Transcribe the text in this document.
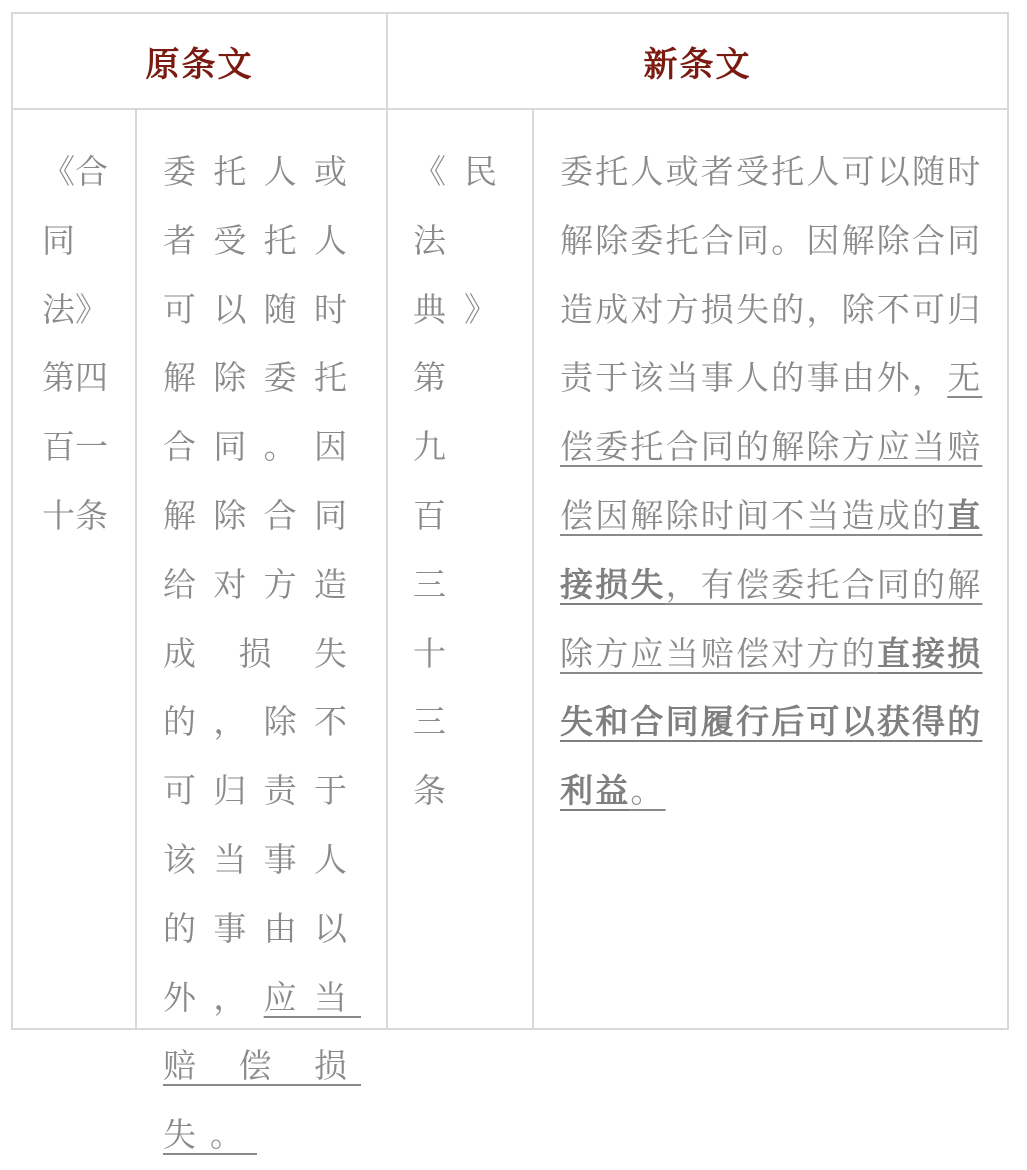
原条文	新条文
《合同法》第四百一十条
委托人或者受托人可以随时解除委托合同。因解除合同给对方造成损失的，除不可归责于该当事人的事由以外，应当赔偿损失。
《民法典》第九百三十三条
委托人或者受托人可以随时解除委托合同。因解除合同造成对方损失的，除不可归责于该当事人的事由外，无偿委托合同的解除方应当赔偿因解除时间不当造成的直接损失，有偿委托合同的解除方应当赔偿对方的直接损失和合同履行后可以获得的利益。
